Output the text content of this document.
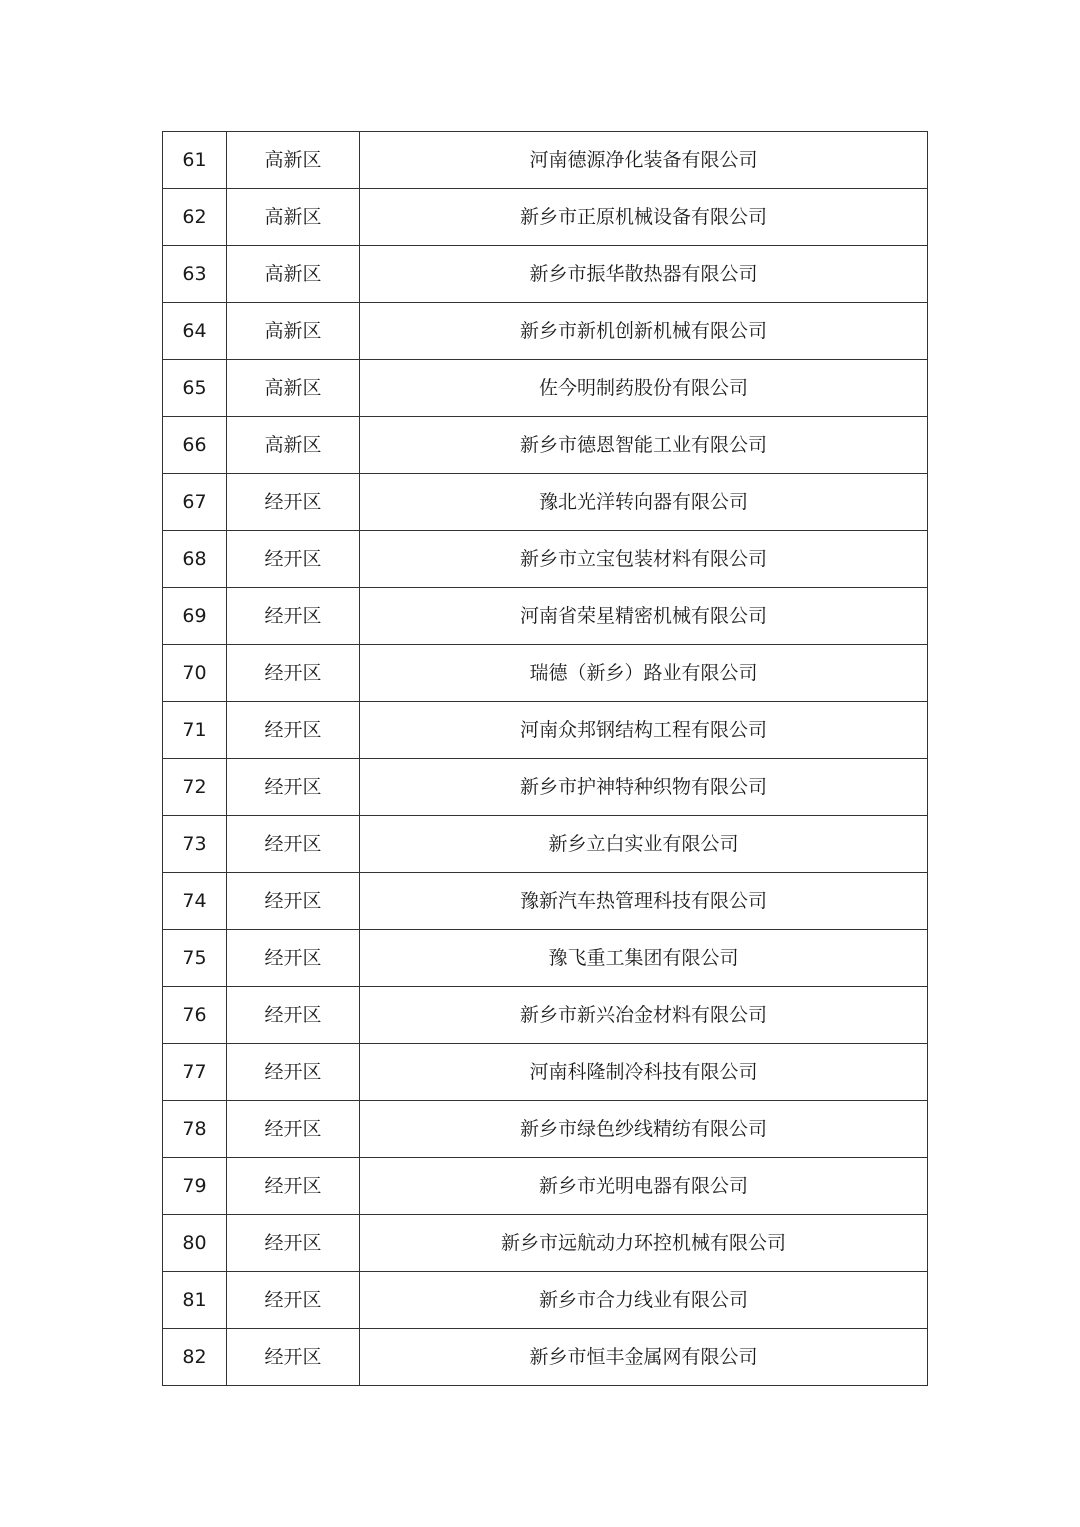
61	高新区	河南德源净化装备有限公司
62	高新区	新乡市正原机械设备有限公司
63	高新区	新乡市振华散热器有限公司
64	高新区	新乡市新机创新机械有限公司
65	高新区	佐今明制药股份有限公司
66	高新区	新乡市德恩智能工业有限公司
67	经开区	豫北光洋转向器有限公司
68	经开区	新乡市立宝包装材料有限公司
69	经开区	河南省荣星精密机械有限公司
70	经开区	瑞德（新乡）路业有限公司
71	经开区	河南众邦钢结构工程有限公司
72	经开区	新乡市护神特种织物有限公司
73	经开区	新乡立白实业有限公司
74	经开区	豫新汽车热管理科技有限公司
75	经开区	豫飞重工集团有限公司
76	经开区	新乡市新兴冶金材料有限公司
77	经开区	河南科隆制冷科技有限公司
78	经开区	新乡市绿色纱线精纺有限公司
79	经开区	新乡市光明电器有限公司
80	经开区	新乡市远航动力环控机械有限公司
81	经开区	新乡市合力线业有限公司
82	经开区	新乡市恒丰金属网有限公司
